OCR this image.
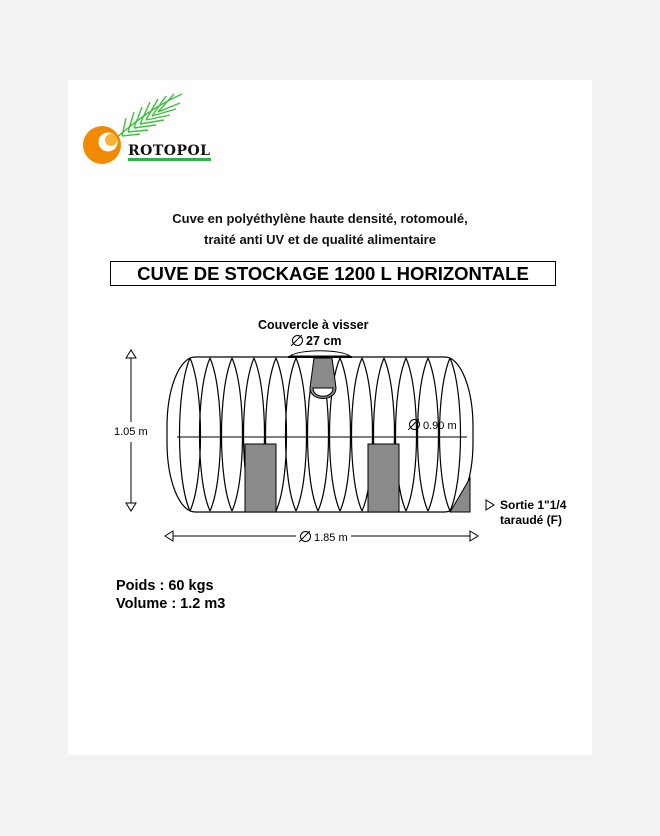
ROTOPOL
Cuve en polyéthylène haute densité, rotomoulé,
traité anti UV et de qualité alimentaire
CUVE DE STOCKAGE 1200 L HORIZONTALE
Couvercle à visser
27 cm
1.05 m	0.90 m
1.85 m
Sortie 1"1/4
taraudé (F)
Poids : 60 kgs
Volume : 1.2 m3
